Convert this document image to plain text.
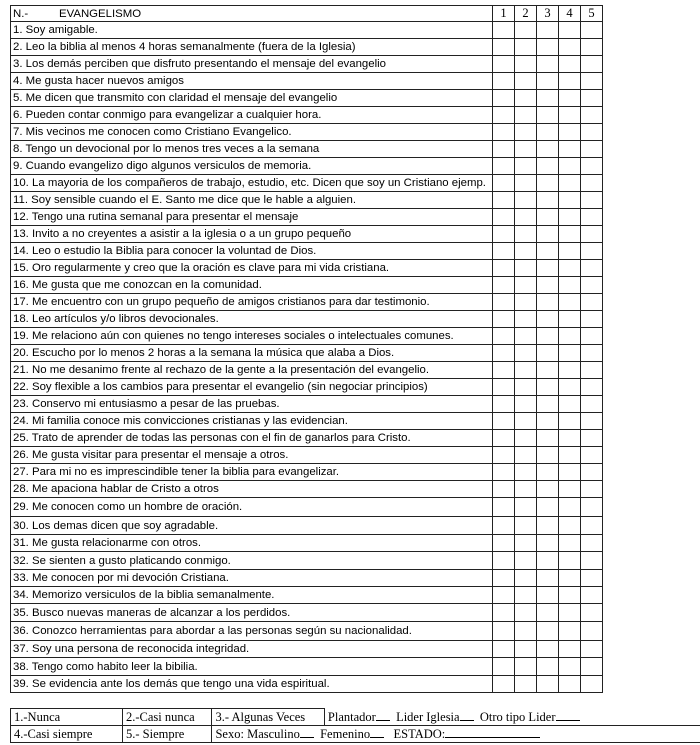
N.- EVANGELISMO	1	2	3	4	5
1. Soy amigable.					
2. Leo la biblia al menos 4 horas semanalmente (fuera de la Iglesia)					
3. Los demás perciben que disfruto presentando el mensaje del evangelio					
4. Me gusta hacer nuevos amigos					
5. Me dicen que transmito con claridad el mensaje del evangelio					
6. Pueden contar conmigo para evangelizar a cualquier hora.					
7. Mis vecinos me conocen como Cristiano Evangelico.					
8. Tengo un devocional por lo menos tres veces a la semana					
9. Cuando evangelizo digo algunos versiculos de memoria.					
10. La mayoria de los compañeros de trabajo, estudio, etc. Dicen que soy un Cristiano ejemp.					
11. Soy sensible cuando el E. Santo me dice que le hable a alguien.					
12. Tengo una rutina semanal para presentar el mensaje					
13. Invito a no creyentes a asistir a la iglesia o a un grupo pequeño					
14. Leo o estudio la Biblia para conocer la voluntad de Dios.					
15. Oro regularmente y creo que la oración es clave para mi vida cristiana.					
16. Me gusta que me conozcan en la comunidad.					
17. Me encuentro con un grupo pequeño de amigos cristianos para dar testimonio.					
18. Leo artículos y/o libros devocionales.					
19. Me relaciono aún con quienes no tengo intereses sociales o intelectuales comunes.					
20. Escucho por lo menos 2 horas a la semana la música que alaba a Dios.					
21. No me desanimo frente al rechazo de la gente a la presentación del evangelio.					
22. Soy flexible a los cambios para presentar el evangelio (sin negociar principios)					
23. Conservo mi entusiasmo a pesar de las pruebas.					
24. Mi familia conoce mis convicciones cristianas y las evidencian.					
25. Trato de aprender de todas las personas con el fin de ganarlos para Cristo.					
26. Me gusta visitar para presentar el mensaje a otros.					
27. Para mi no es imprescindible tener la biblia para evangelizar.					
28. Me apaciona hablar de Cristo a otros					
29. Me conocen como un hombre de oración.					
30. Los demas dicen que soy agradable.					
31. Me gusta relacionarme con otros.					
32. Se sienten a gusto platicando conmigo.					
33. Me conocen por mi devoción Cristiana.					
34. Memorizo versiculos de la biblia semanalmente.					
35. Busco nuevas maneras de alcanzar a los perdidos.					
36. Conozco herramientas para abordar a las personas según su nacionalidad.					
37. Soy una persona de reconocida integridad.					
38. Tengo como habito leer la bibilia.					
39. Se evidencia ante los demás que tengo una vida espiritual.					
1.-Nunca	2.-Casi nunca	3.- Algunas Veces	Plantador Lider Iglesia Otro tipo Lider
4.-Casi siempre	5.- Siempre	Sexo: Masculino Femenino ESTADO:	
